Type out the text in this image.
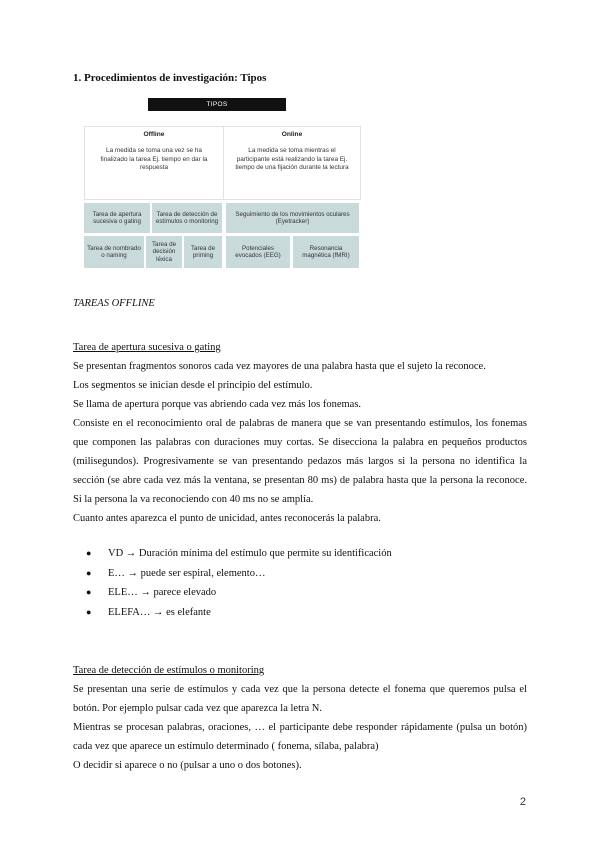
1. Procedimientos de investigación: Tipos
TIPOS
Offline
La medida se toma una vez se ha finalizado la tarea Ej. tiempo en dar la respuesta
Online
La medida se toma mientras el participante está realizando la tarea Ej. tiempo de una fijación durante la lectura
Tarea de apertura sucesiva o gating
Tarea de detección de estímulos o monitoring
Tarea de nombrado o naming
Tarea de decisión léxica
Tarea de priming
Seguimiento de los movimientos oculares (Eyetracker)
Potenciales evocados (EEG)
Resonancia magnética (fMRI)
TAREAS OFFLINE

Tarea de apertura sucesiva o gating

Se presentan fragmentos sonoros cada vez mayores de una palabra hasta que el sujeto la reconoce.

Los segmentos se inician desde el principio del estímulo.

Se llama de apertura porque vas abriendo cada vez más los fonemas.

Consiste en el reconocimiento oral de palabras de manera que se van presentando estímulos, los fonemas que componen las palabras con duraciones muy cortas. Se disecciona la palabra en pequeños productos (milisegundos). Progresivamente se van presentando pedazos más largos si la persona no identifica la sección (se abre cada vez más la ventana, se presentan 80 ms) de palabra hasta que la persona la reconoce. Si la persona la va reconociendo con 40 ms no se amplía.

Cuanto antes aparezca el punto de unicidad, antes reconocerás la palabra.

●	VD → Duración mínima del estímulo que permite su identificación
●	E… → puede ser espiral, elemento…
●	ELE… → parece elevado
●	ELEFA… → es elefante

Tarea de detección de estímulos o monitoring

Se presentan una serie de estímulos y cada vez que la persona detecte el fonema que queremos pulsa el botón. Por ejemplo pulsar cada vez que aparezca la letra N.

Mientras se procesan palabras, oraciones, … el participante debe responder rápidamente (pulsa un botón) cada vez que aparece un estímulo determinado ( fonema, sílaba, palabra)

O decidir si aparece o no (pulsar a uno o dos botones).

2
